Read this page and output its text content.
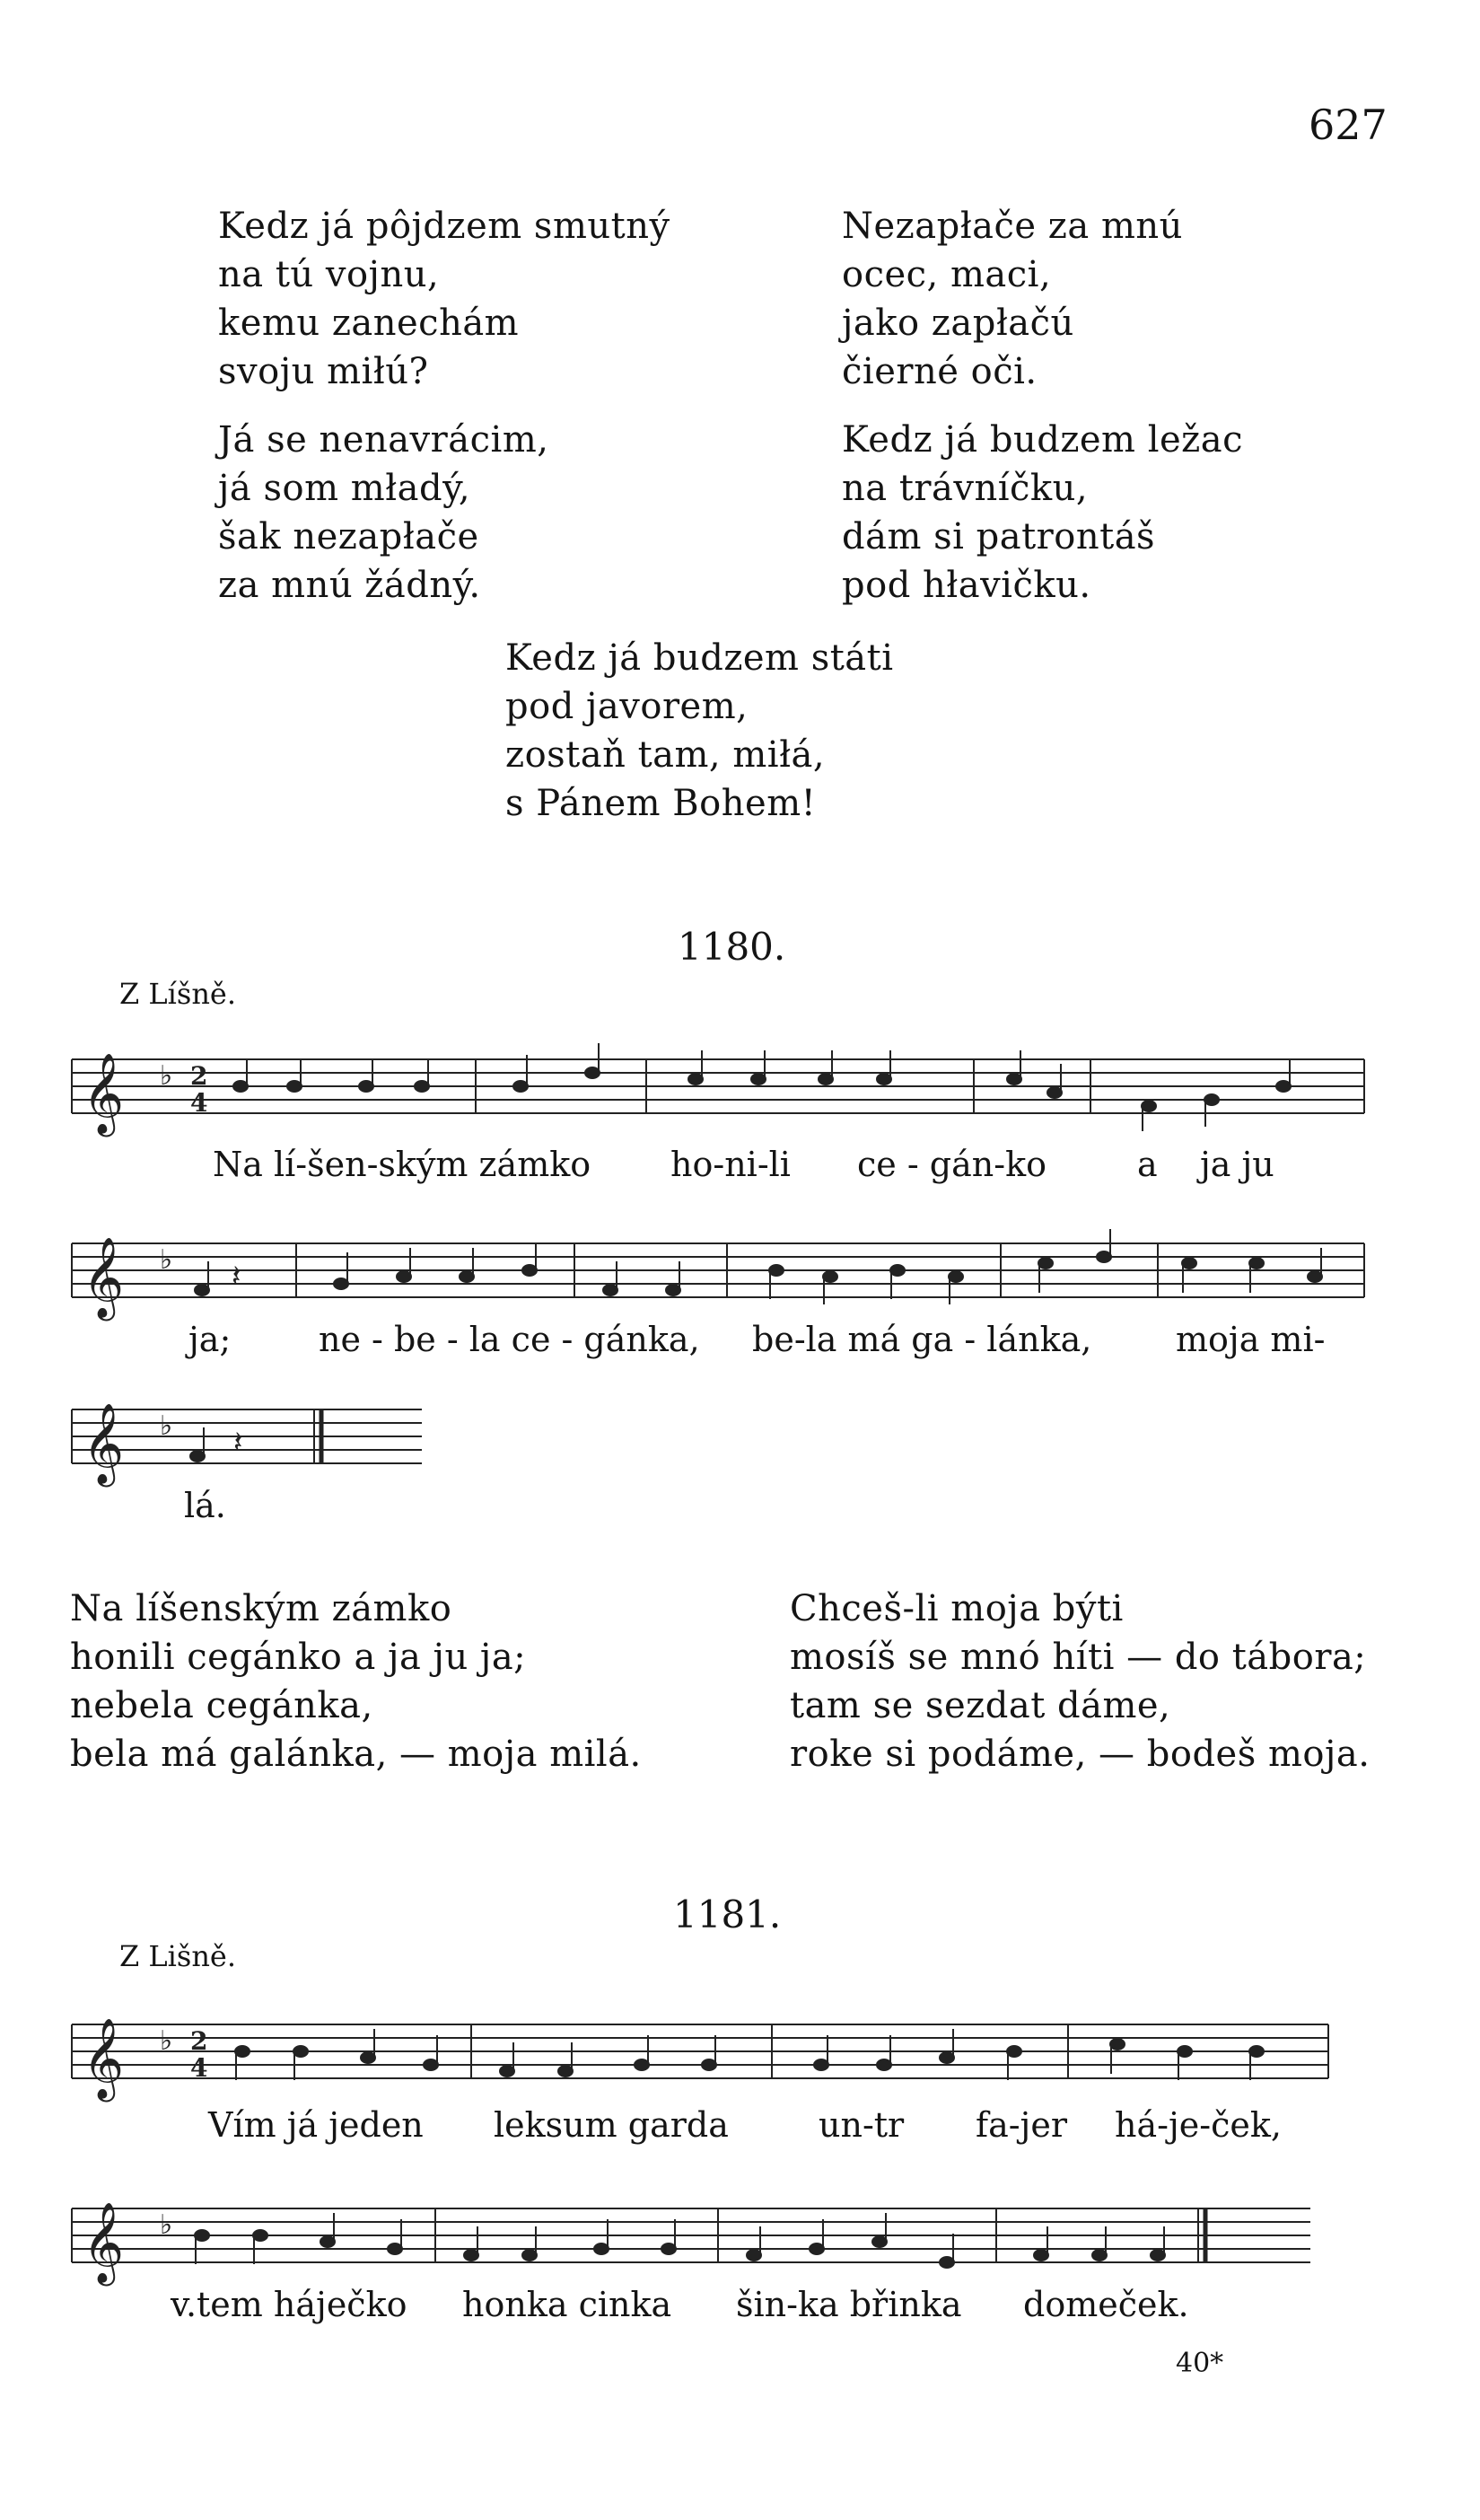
627
Kedz já pôjdzem smutný
na tú vojnu,
kemu zanechám
svoju miłú?
Já se nenavrácim,
já som mładý,
šak nezapłače
za mnú žádný.
Nezapłače za mnú
ocec, maci,
jako zapłačú
čierné oči.
Kedz já budzem ležac
na trávníčku,
dám si patrontáš
pod hłavičku.
Kedz já budzem státi
pod javorem,
zostaň tam, miłá,
s Pánem Bohem!
1180.
Z Líšně.
𝄞 ♭ 2
4
Na lí-šen-ským zámko ho-ni-li ce - gán-ko	a ja ju
𝄞 ♭ 𝄽
ja;	ne - be - la ce - gánka, be-la má ga - lánka, moja mi-
𝄞 ♭ 𝄽
lá.
Na líšenským zámko
honili cegánko a ja ju ja;
nebela cegánka,
bela má galánka, — moja milá.
Chceš-li moja býti
mosíš se mnó híti — do tábora;
tam se sezdat dáme,
roke si podáme, — bodeš moja.
1181.
Z Lišně.
𝄞 ♭ 2
4
Vím já jeden leksum garda	un-tr fa-jer há-je-ček,
𝄞 ♭
v.tem háječko honka cinka šin-ka břinka domeček.
40*
